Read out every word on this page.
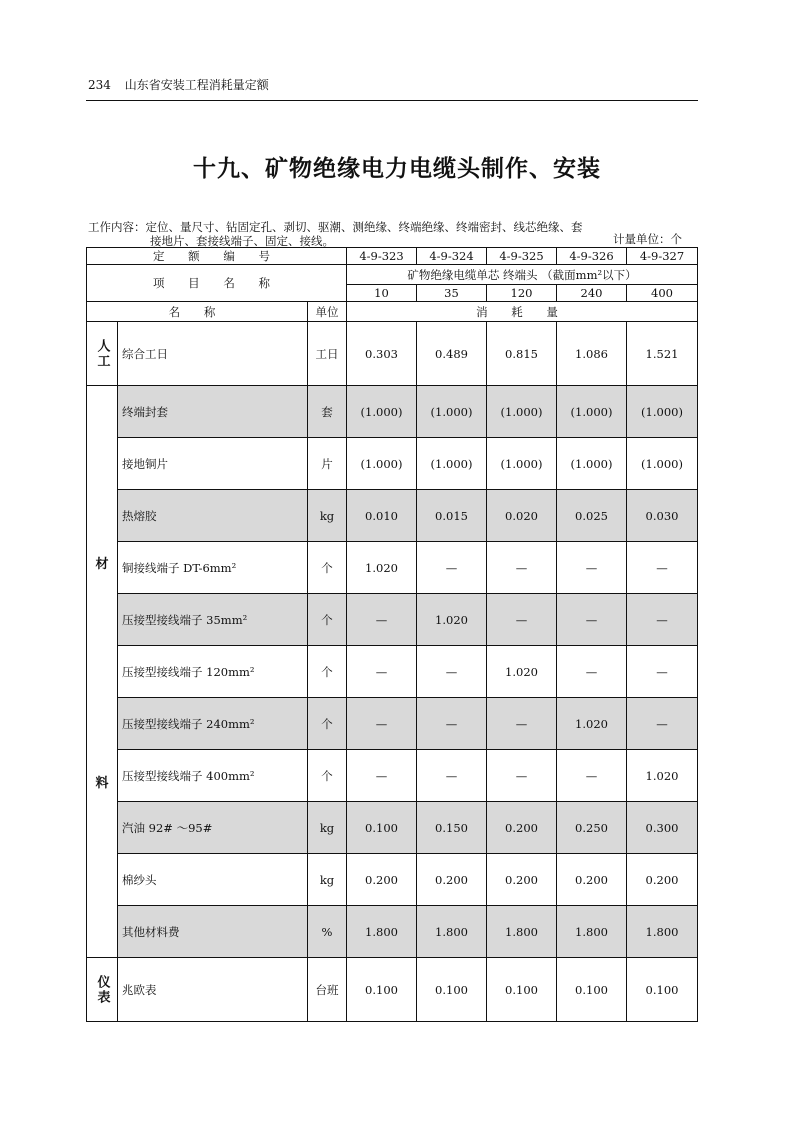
234 山东省安装工程消耗量定额
十九、矿物绝缘电力电缆头制作、安装
工作内容：定位、量尺寸、钻固定孔、剥切、驱潮、测绝缘、终端绝缘、终端密封、线芯绝缘、套
接地片、套接线端子、固定、接线。	计量单位：个
定 额 编 号			4-9-323	4-9-324	4-9-325	4-9-326	4-9-327
项 目 名 称			矿物绝缘电缆单芯 终端头 （截面mm²以下）				
			10	35	120	240	400
名 称		单位	消 耗 量				
人工	综合工日	工日	0.303	0.489	0.815	1.086	1.521

材
料	终端封套	套	(1.000)	(1.000)	(1.000)	(1.000)	(1.000)
	接地铜片	片	(1.000)	(1.000)	(1.000)	(1.000)	(1.000)
	热熔胶	kg	0.010	0.015	0.020	0.025	0.030
	铜接线端子 DT-6mm²	个	1.020	—	—	—	—
	压接型接线端子 35mm²	个	—	1.020	—	—	—
	压接型接线端子 120mm²	个	—	—	1.020	—	—
	压接型接线端子 240mm²	个	—	—	—	1.020	—
	压接型接线端子 400mm²	个	—	—	—	—	1.020
	汽油 92# ～95#	kg	0.100	0.150	0.200	0.250	0.300
	棉纱头	kg	0.200	0.200	0.200	0.200	0.200
	其他材料费	%	1.800	1.800	1.800	1.800	1.800
仪表	兆欧表	台班	0.100	0.100	0.100	0.100	0.100
